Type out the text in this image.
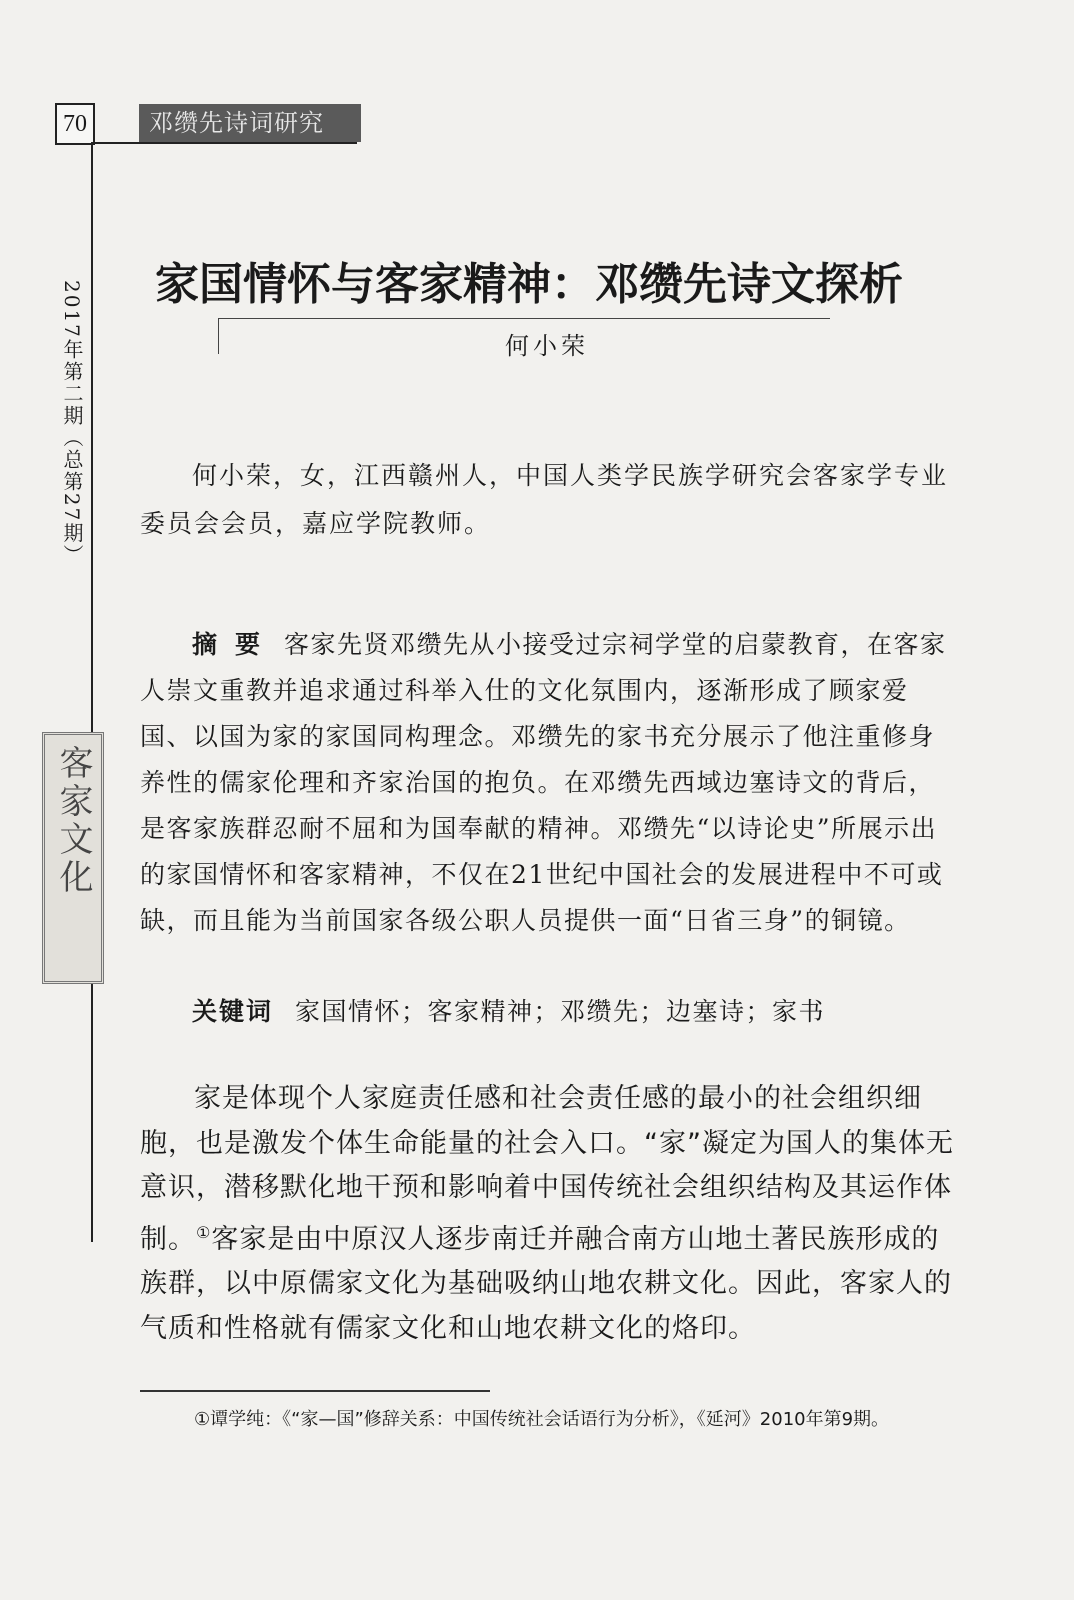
70	邓缵先诗词研究
2017年第二期（总第27期）
客家文化
家国情怀与客家精神：邓缵先诗文探析
何小荣
何小荣，女，江西赣州人，中国人类学民族学研究会客家学专业委员会会员，嘉应学院教师。
摘要 客家先贤邓缵先从小接受过宗祠学堂的启蒙教育，在客家人崇文重教并追求通过科举入仕的文化氛围内，逐渐形成了顾家爱国、以国为家的家国同构理念。邓缵先的家书充分展示了他注重修身养性的儒家伦理和齐家治国的抱负。在邓缵先西域边塞诗文的背后，是客家族群忍耐不屈和为国奉献的精神。邓缵先“以诗论史”所展示出的家国情怀和客家精神，不仅在21世纪中国社会的发展进程中不可或缺，而且能为当前国家各级公职人员提供一面“日省三身”的铜镜。
关键词 家国情怀；客家精神；邓缵先；边塞诗；家书
家是体现个人家庭责任感和社会责任感的最小的社会组织细胞，也是激发个体生命能量的社会入口。“家”凝定为国人的集体无意识，潜移默化地干预和影响着中国传统社会组织结构及其运作体制。①客家是由中原汉人逐步南迁并融合南方山地土著民族形成的族群，以中原儒家文化为基础吸纳山地农耕文化。因此，客家人的气质和性格就有儒家文化和山地农耕文化的烙印。
①谭学纯：《“家—国”修辞关系：中国传统社会话语行为分析》，《延河》2010年第9期。
